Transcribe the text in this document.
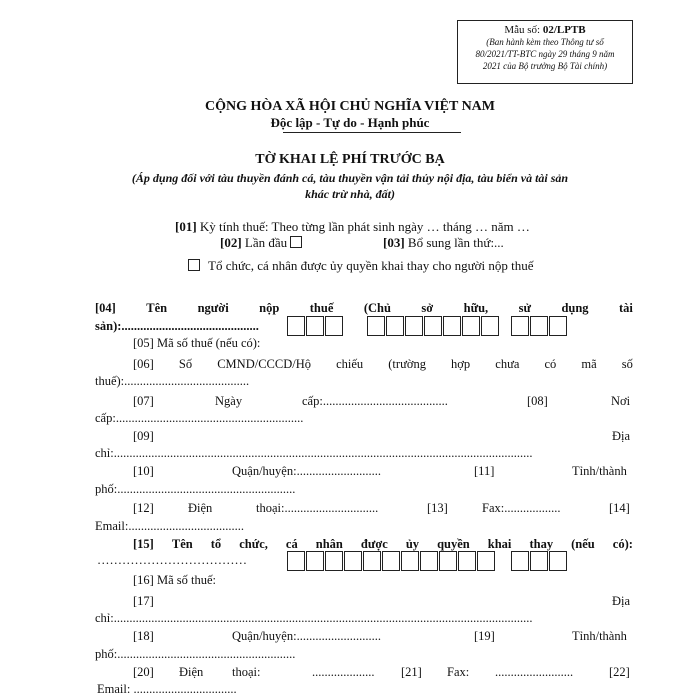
Mẫu số: 02/LPTB
(Ban hành kèm theo Thông tư số
80/2021/TT-BTC ngày 29 tháng 9 năm
2021 của Bộ trưởng Bộ Tài chính)
CỘNG HÒA XÃ HỘI CHỦ NGHĨA VIỆT NAM
Độc lập - Tự do - Hạnh phúc
TỜ KHAI LỆ PHÍ TRƯỚC BẠ
(Áp dụng đối với tàu thuyền đánh cá, tàu thuyền vận tải thủy nội địa, tàu biển và tài sản khác trừ nhà, đất)
[01] Kỳ tính thuế: Theo từng lần phát sinh ngày … tháng … năm …
[02] Lần đầu	[03] Bổ sung lần thứ:...
Tổ chức, cá nhân được ủy quyền khai thay cho người nộp thuế
[04] Tên người nộp thuế (Chủ sở hữu, sử dụng tài
sản):............................................
[05] Mã số thuế (nếu có):
[06] Số CMND/CCCD/Hộ chiếu (trường hợp chưa có mã số
thuế):........................................
[07]	Ngày	cấp:........................................	[08]	Nơi
cấp:............................................................
[09]	Địa
chỉ:......................................................................................................................................
[10]	Quận/huyện:...........................	[11]	Tỉnh/thành
phố:.........................................................
[12]	Điện	thoại:..............................	[13]	Fax:..................	[14]
Email:.....................................
[15] Tên tổ chức, cá nhân được ủy quyền khai thay (nếu có):
………………………………
[16] Mã số thuế:
[17]	Địa
chỉ:......................................................................................................................................
[18]	Quận/huyện:...........................	[19]	Tỉnh/thành
phố:.........................................................
[20] Điện thoại:	.................... [21] Fax: .........................	[22]
Email: .................................
